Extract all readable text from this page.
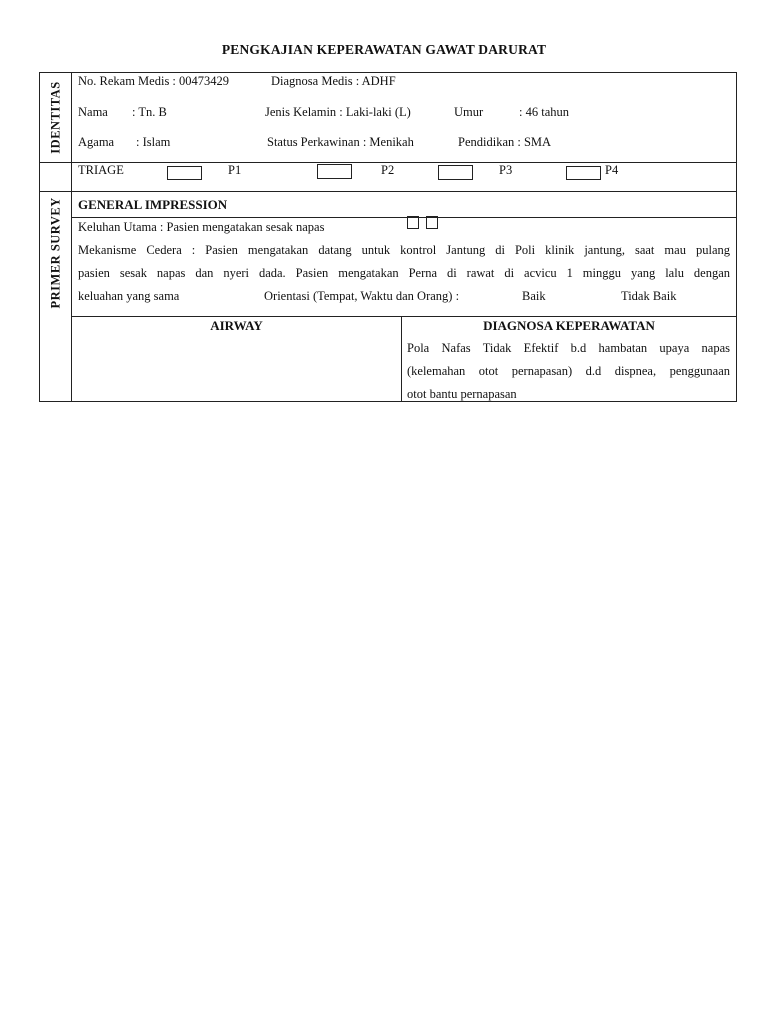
PENGKAJIAN KEPERAWATAN GAWAT DARURAT
IDENTITAS
PRIMER SURVEY
No. Rekam Medis : 00473429	Diagnosa Medis : ADHF
Nama : Tn. B	Jenis Kelamin : Laki-laki (L)	Umur	: 46 tahun
Agama : Islam	Status Perkawinan : Menikah	Pendidikan : SMA
TRIAGE	P1	P2	P3	P4
GENERAL IMPRESSION
Keluhan Utama : Pasien mengatakan sesak napas
Mekanisme Cedera : Pasien mengatakan datang untuk kontrol Jantung di Poli klinik jantung, saat mau pulang
pasien sesak napas dan nyeri dada. Pasien mengatakan Perna di rawat di acvicu 1 minggu yang lalu dengan
keluahan yang sama	Orientasi (Tempat, Waktu dan Orang) :	Baik	Tidak Baik
AIRWAY	DIAGNOSA KEPERAWATAN
Pola Nafas Tidak Efektif b.d hambatan upaya napas
(kelemahan otot pernapasan) d.d dispnea, penggunaan
otot bantu pernapasan
